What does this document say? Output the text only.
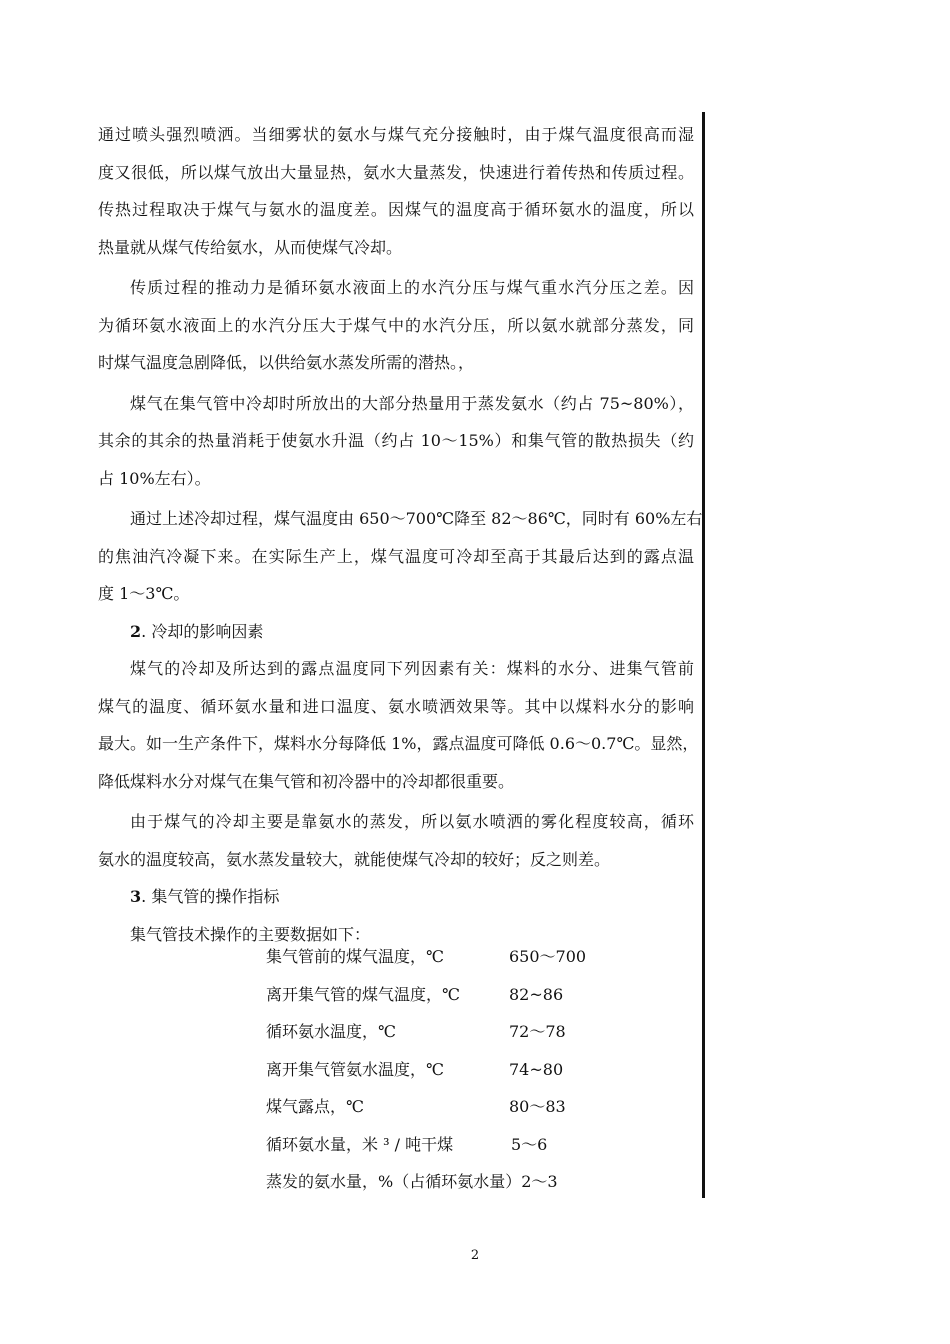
通过喷头强烈喷洒。当细雾状的氨水与煤气充分接触时，由于煤气温度很高而湿
度又很低，所以煤气放出大量显热，氨水大量蒸发，快速进行着传热和传质过程。
传热过程取决于煤气与氨水的温度差。因煤气的温度高于循环氨水的温度，所以
热量就从煤气传给氨水，从而使煤气冷却。
传质过程的推动力是循环氨水液面上的水汽分压与煤气重水汽分压之差。因
为循环氨水液面上的水汽分压大于煤气中的水汽分压，所以氨水就部分蒸发，同
时煤气温度急剧降低，以供给氨水蒸发所需的潜热。，
煤气在集气管中冷却时所放出的大部分热量用于蒸发氨水（约占 75~80%），
其余的其余的热量消耗于使氨水升温（约占 10～15%）和集气管的散热损失（约
占 10%左右）。
通过上述冷却过程，煤气温度由 650～700℃降至 82～86℃，同时有 60%左右
的焦油汽冷凝下来。在实际生产上，煤气温度可冷却至高于其最后达到的露点温
度 1～3℃。
2. 冷却的影响因素
煤气的冷却及所达到的露点温度同下列因素有关：煤料的水分、进集气管前
煤气的温度、循环氨水量和进口温度、氨水喷洒效果等。其中以煤料水分的影响
最大。如一生产条件下，煤料水分每降低 1%，露点温度可降低 0.6～0.7℃。显然，
降低煤料水分对煤气在集气管和初冷器中的冷却都很重要。
由于煤气的冷却主要是靠氨水的蒸发，所以氨水喷洒的雾化程度较高，循环
氨水的温度较高，氨水蒸发量较大，就能使煤气冷却的较好；反之则差。
3. 集气管的操作指标
集气管技术操作的主要数据如下：
集气管前的煤气温度，℃	650～700
离开集气管的煤气温度，℃	82~86
循环氨水温度，℃	72～78
离开集气管氨水温度，℃	74~80
煤气露点，℃	80～83
循环氨水量，米 ³ / 吨干煤	5～6
蒸发的氨水量，%（占循环氨水量）2～3
2
